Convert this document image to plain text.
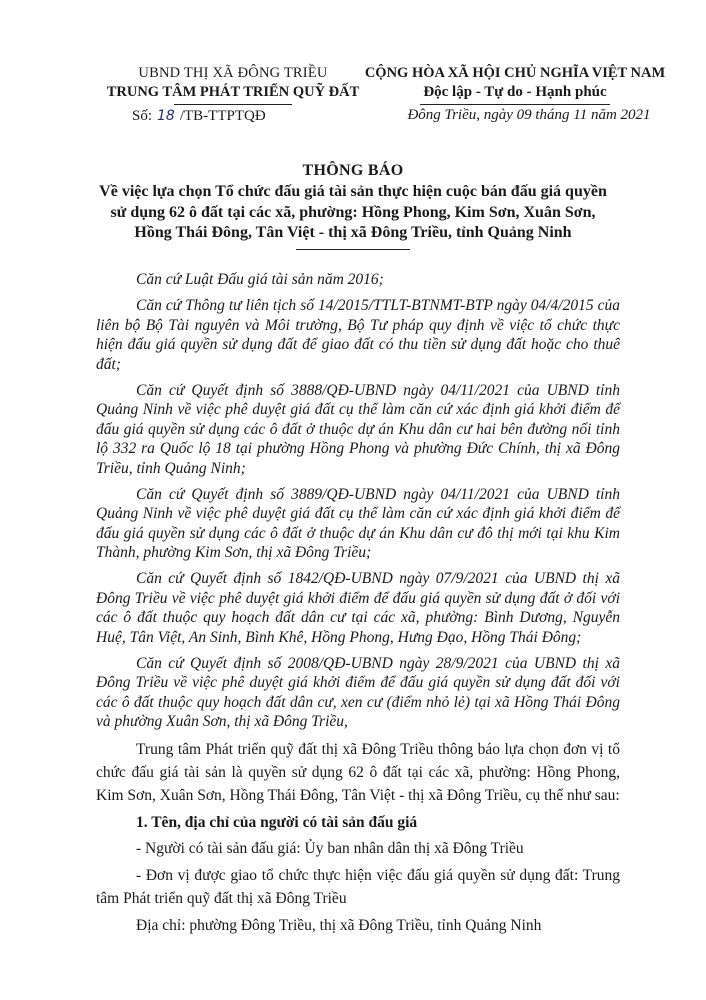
UBND THỊ XÃ ĐÔNG TRIỀU
TRUNG TÂM PHÁT TRIỂN QUỸ ĐẤT
Số: 18 /TB-TTPTQĐ
CỘNG HÒA XÃ HỘI CHỦ NGHĨA VIỆT NAM
Độc lập - Tự do - Hạnh phúc
Đông Triều, ngày 09 tháng 11 năm 2021
THÔNG BÁO
Về việc lựa chọn Tổ chức đấu giá tài sản thực hiện cuộc bán đấu giá quyền
sử dụng 62 ô đất tại các xã, phường: Hồng Phong, Kim Sơn, Xuân Sơn,
Hồng Thái Đông, Tân Việt - thị xã Đông Triều, tỉnh Quảng Ninh

Căn cứ Luật Đấu giá tài sản năm 2016;

Căn cứ Thông tư liên tịch số 14/2015/TTLT-BTNMT-BTP ngày 04/4/2015 của liên bộ Bộ Tài nguyên và Môi trường, Bộ Tư pháp quy định về việc tổ chức thực hiện đấu giá quyền sử dụng đất để giao đất có thu tiền sử dụng đất hoặc cho thuê đất;

Căn cứ Quyết định số 3888/QĐ-UBND ngày 04/11/2021 của UBND tỉnh Quảng Ninh về việc phê duyệt giá đất cụ thể làm căn cứ xác định giá khởi điểm để đấu giá quyền sử dụng các ô đất ở thuộc dự án Khu dân cư hai bên đường nối tỉnh lộ 332 ra Quốc lộ 18 tại phường Hồng Phong và phường Đức Chính, thị xã Đông Triều, tỉnh Quảng Ninh;

Căn cứ Quyết định số 3889/QĐ-UBND ngày 04/11/2021 của UBND tỉnh Quảng Ninh về việc phê duyệt giá đất cụ thể làm căn cứ xác định giá khởi điểm để đấu giá quyền sử dụng các ô đất ở thuộc dự án Khu dân cư đô thị mới tại khu Kim Thành, phường Kim Sơn, thị xã Đông Triều;

Căn cứ Quyết định số 1842/QĐ-UBND ngày 07/9/2021 của UBND thị xã Đông Triều về việc phê duyệt giá khởi điểm để đấu giá quyền sử dụng đất ở đối với các ô đất thuộc quy hoạch đất dân cư tại các xã, phường: Bình Dương, Nguyễn Huệ, Tân Việt, An Sinh, Bình Khê, Hồng Phong, Hưng Đạo, Hồng Thái Đông;

Căn cứ Quyết định số 2008/QĐ-UBND ngày 28/9/2021 của UBND thị xã Đông Triều về việc phê duyệt giá khởi điểm để đấu giá quyền sử dụng đất đối với các ô đất thuộc quy hoạch đất dân cư, xen cư (điểm nhỏ lẻ) tại xã Hồng Thái Đông và phường Xuân Sơn, thị xã Đông Triều,

Trung tâm Phát triển quỹ đất thị xã Đông Triều thông báo lựa chọn đơn vị tổ chức đấu giá tài sản là quyền sử dụng 62 ô đất tại các xã, phường: Hồng Phong, Kim Sơn, Xuân Sơn, Hồng Thái Đông, Tân Việt - thị xã Đông Triều, cụ thể như sau:

1. Tên, địa chỉ của người có tài sản đấu giá

- Người có tài sản đấu giá: Ủy ban nhân dân thị xã Đông Triều

- Đơn vị được giao tổ chức thực hiện việc đấu giá quyền sử dụng đất: Trung tâm Phát triển quỹ đất thị xã Đông Triều

Địa chỉ: phường Đông Triều, thị xã Đông Triều, tỉnh Quảng Ninh
